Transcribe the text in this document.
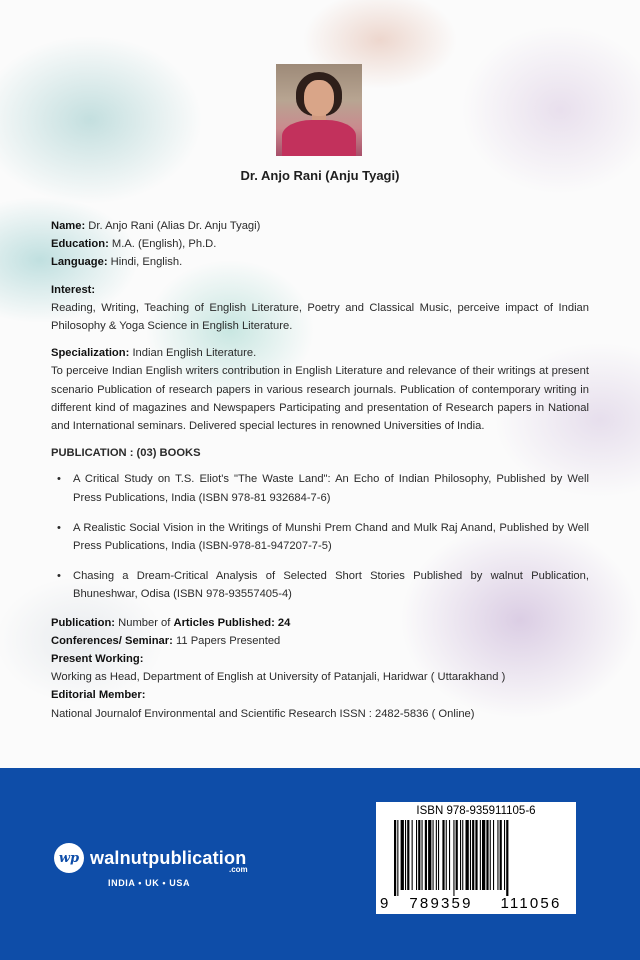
Dr. Anjo Rani (Anju Tyagi)

Name: Dr. Anjo Rani (Alias Dr. Anju Tyagi)

Education: M.A. (English), Ph.D.

Language: Hindi, English.

Interest:

Reading, Writing, Teaching of English Literature, Poetry and Classical Music, perceive impact of Indian Philosophy & Yoga Science in English Literature.

Specialization: Indian English Literature.

To perceive Indian English writers contribution in English Literature and relevance of their writings at present scenario Publication of research papers in various research journals. Publication of contemporary writing in different kind of magazines and Newspapers Participating and presentation of Research papers in National and International seminars. Delivered special lectures in renowned Universities of India.

PUBLICATION : (03) BOOKS

• A Critical Study on T.S. Eliot's "The Waste Land": An Echo of Indian Philosophy, Published by Well Press Publications, India (ISBN 978-81 932684-7-6)
• A Realistic Social Vision in the Writings of Munshi Prem Chand and Mulk Raj Anand, Published by Well Press Publications, India (ISBN-978-81-947207-7-5)
• Chasing a Dream-Critical Analysis of Selected Short Stories Published by walnut Publication, Bhuneshwar, Odisa (ISBN 978-93557405-4)

Publication: Number of Articles Published: 24

Conferences/ Seminar: 11 Papers Presented

Present Working:

Working as Head, Department of English at University of Patanjali, Haridwar ( Uttarakhand )

Editorial Member:

National Journalof Environmental and Scientific Research ISSN : 2482-5836 ( Online)

wp walnutpublication
.com
INDIA • UK • USA
ISBN 978-935911105-6
9	789359	111056
